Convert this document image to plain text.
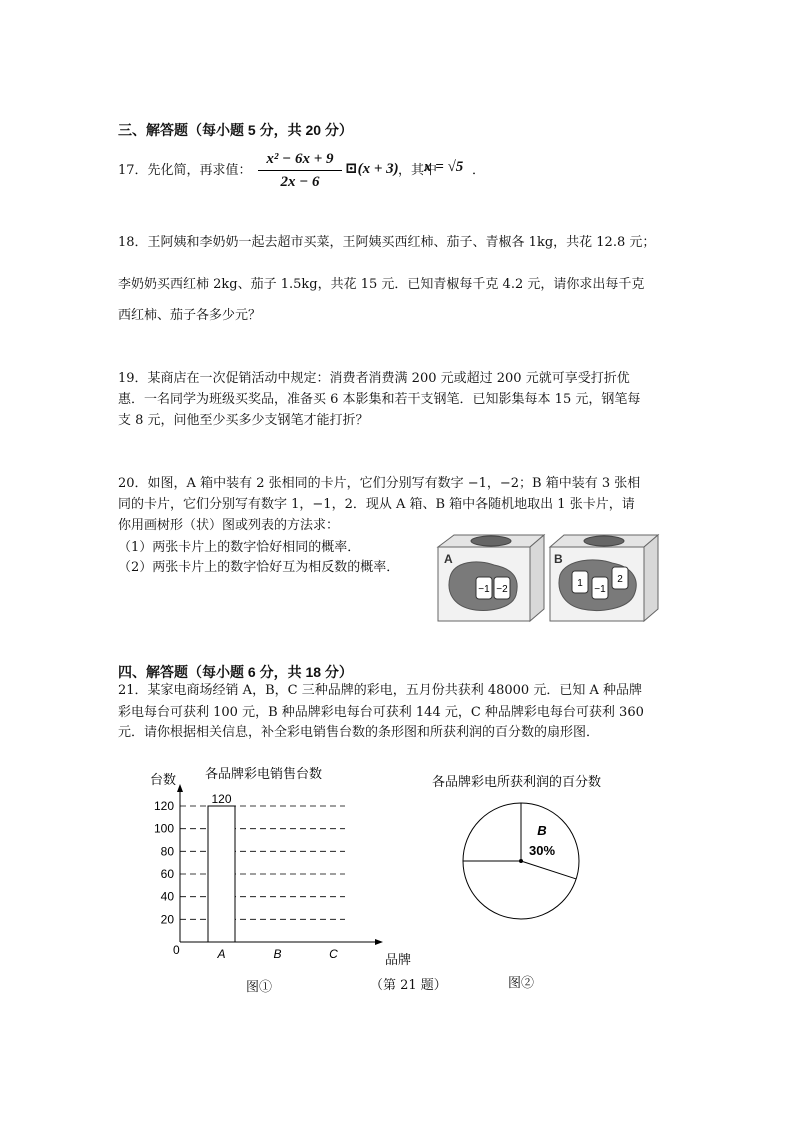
三、解答题（每小题 5 分，共 20 分）
17．先化简，再求值：
x² − 6x + 9
2x − 6
⊡(x + 3) ，其中
x = √5 ．
18．王阿姨和李奶奶一起去超市买菜，王阿姨买西红柿、茄子、青椒各 1kg，共花 12.8 元；
李奶奶买西红柿 2kg、茄子 1.5kg，共花 15 元．已知青椒每千克 4.2 元，请你求出每千克
西红柿、茄子各多少元？
19．某商店在一次促销活动中规定：消费者消费满 200 元或超过 200 元就可享受打折优
惠．一名同学为班级买奖品，准备买 6 本影集和若干支钢笔．已知影集每本 15 元，钢笔每
支 8 元，问他至少买多少支钢笔才能打折？
20．如图，A 箱中装有 2 张相同的卡片，它们分别写有数字 −1，−2；B 箱中装有 3 张相
同的卡片，它们分别写有数字 1，−1，2．现从 A 箱、B 箱中各随机地取出 1 张卡片，请
你用画树形（状）图或列表的方法求：
（1）两张卡片上的数字恰好相同的概率．
（2）两张卡片上的数字恰好互为相反数的概率．
A
−1 −2
B
1
−1
2
四、解答题（每小题 6 分，共 18 分）
21．某家电商场经销 A，B，C 三种品牌的彩电，五月份共获利 48000 元．已知 A 种品牌
彩电每台可获利 100 元，B 种品牌彩电每台可获利 144 元，C 种品牌彩电每台可获利 360
元．请你根据相关信息，补全彩电销售台数的条形图和所获利润的百分数的扇形图．
各品牌彩电销售台数
台数
品牌
0
120
20
40
60
80
100
120
A	B	C
图①	（第 21 题）
各品牌彩电所获利润的百分数
B
30%
图②
